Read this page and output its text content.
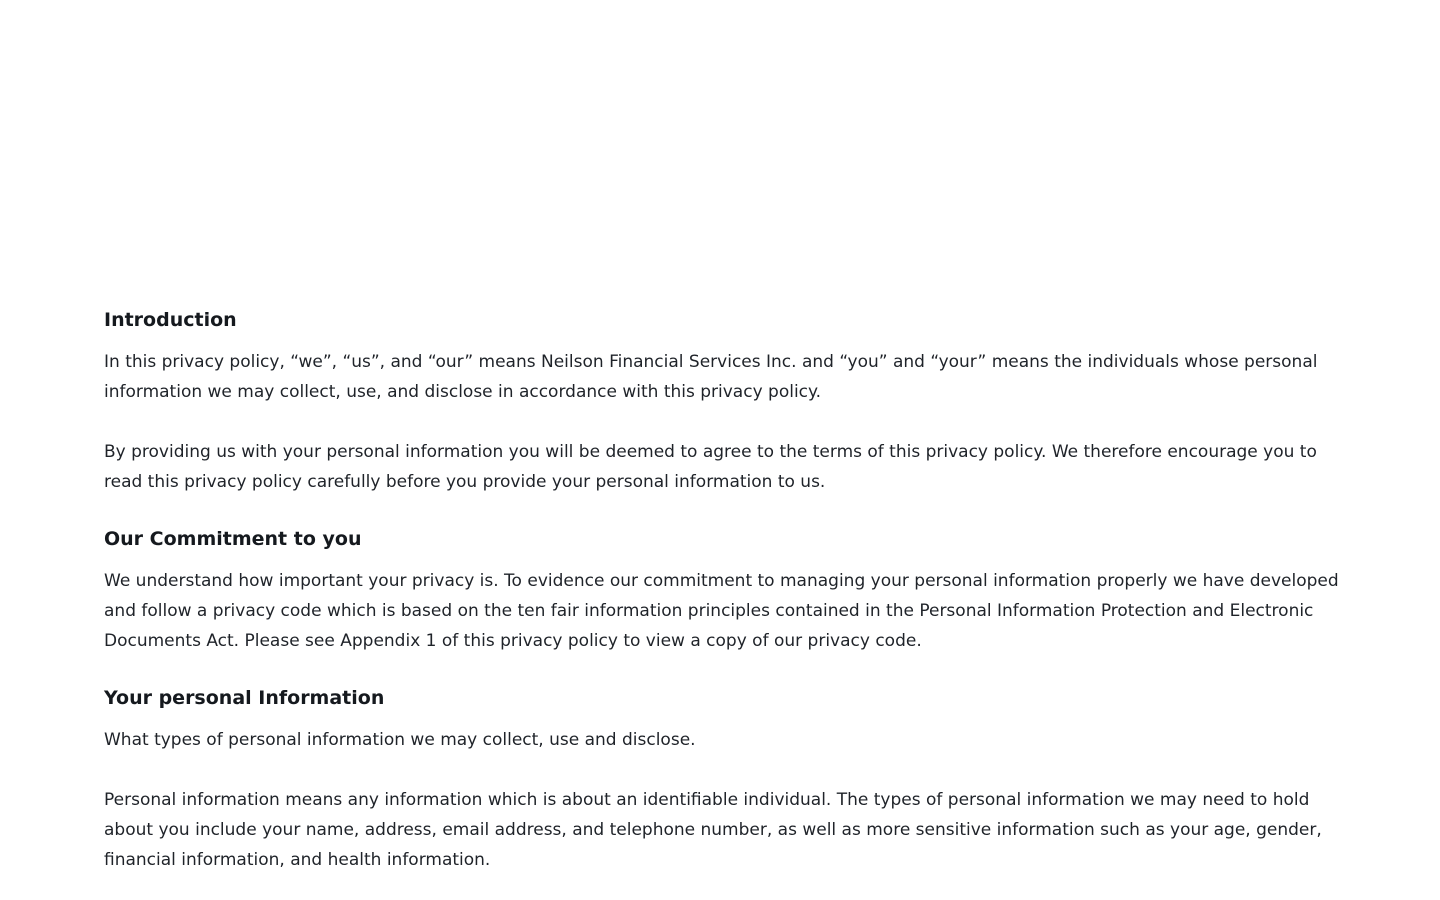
Introduction

In this privacy policy, “we”, “us”, and “our” means Neilson Financial Services Inc. and “you” and “your” means the individuals whose personal information we may collect, use, and disclose in accordance with this privacy policy.

By providing us with your personal information you will be deemed to agree to the terms of this privacy policy. We therefore encourage you to read this privacy policy carefully before you provide your personal information to us.

Our Commitment to you

We understand how important your privacy is. To evidence our commitment to managing your personal information properly we have developed and follow a privacy code which is based on the ten fair information principles contained in the Personal Information Protection and Electronic Documents Act. Please see Appendix 1 of this privacy policy to view a copy of our privacy code.

Your personal Information

What types of personal information we may collect, use and disclose.

Personal information means any information which is about an identifiable individual. The types of personal information we may need to hold about you include your name, address, email address, and telephone number, as well as more sensitive information such as your age, gender, financial information, and health information.
